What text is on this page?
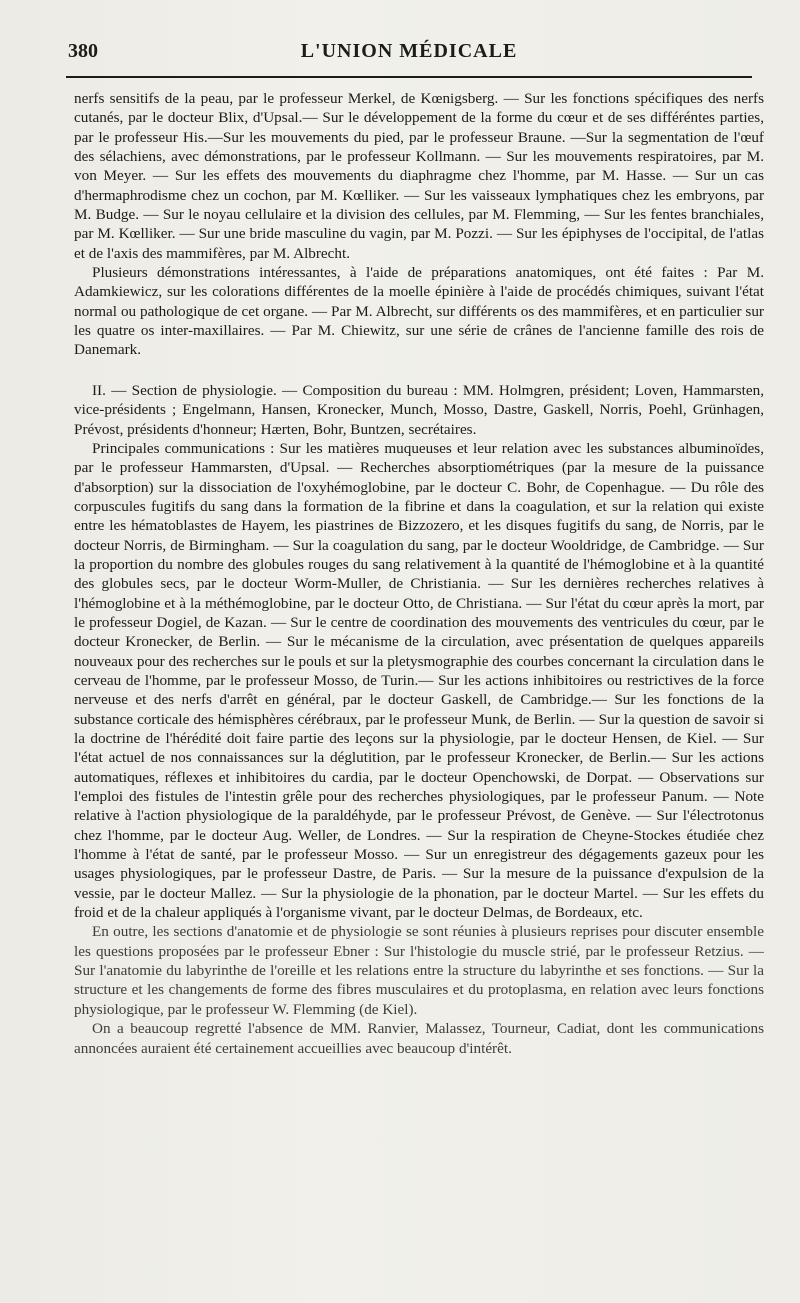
380	L'UNION MÉDICALE

nerfs sensitifs de la peau, par le professeur Merkel, de Kœnigsberg. — Sur les fonctions spécifiques des nerfs cutanés, par le docteur Blix, d'Upsal.— Sur le développement de la forme du cœur et de ses différéntes parties, par le professeur His.—Sur les mouvements du pied, par le professeur Braune. —Sur la segmentation de l'œuf des sélachiens, avec démonstrations, par le professeur Kollmann. — Sur les mouvements respiratoires, par M. von Meyer. — Sur les effets des mouvements du diaphragme chez l'homme, par M. Hasse. — Sur un cas d'hermaphrodisme chez un cochon, par M. Kœlliker. — Sur les vaisseaux lymphatiques chez les embryons, par M. Budge. — Sur le noyau cellulaire et la division des cellules, par M. Flemming, — Sur les fentes branchiales, par M. Kœlliker. — Sur une bride masculine du vagin, par M. Pozzi. — Sur les épiphyses de l'occipital, de l'atlas et de l'axis des mammifères, par M. Albrecht.

Plusieurs démonstrations intéressantes, à l'aide de préparations anatomiques, ont été faites : Par M. Adamkiewicz, sur les colorations différentes de la moelle épinière à l'aide de procédés chimiques, suivant l'état normal ou pathologique de cet organe. — Par M. Albrecht, sur différents os des mammifères, et en particulier sur les quatre os inter-maxillaires. — Par M. Chiewitz, sur une série de crânes de l'ancienne famille des rois de Danemark.

II. — Section de physiologie. — Composition du bureau : MM. Holmgren, président; Loven, Hammarsten, vice-présidents ; Engelmann, Hansen, Kronecker, Munch, Mosso, Dastre, Gaskell, Norris, Poehl, Grünhagen, Prévost, présidents d'honneur; Hærten, Bohr, Buntzen, secrétaires.

Principales communications : Sur les matières muqueuses et leur relation avec les substances albuminoïdes, par le professeur Hammarsten, d'Upsal. — Recherches absorptiométriques (par la mesure de la puissance d'absorption) sur la dissociation de l'oxyhémoglobine, par le docteur C. Bohr, de Copenhague. — Du rôle des corpuscules fugitifs du sang dans la formation de la fibrine et dans la coagulation, et sur la relation qui existe entre les hématoblastes de Hayem, les piastrines de Bizzozero, et les disques fugitifs du sang, de Norris, par le docteur Norris, de Birmingham. — Sur la coagulation du sang, par le docteur Wooldridge, de Cambridge. — Sur la proportion du nombre des globules rouges du sang relativement à la quantité de l'hémoglobine et à la quantité des globules secs, par le docteur Worm-Muller, de Christiania. — Sur les dernières recherches relatives à l'hémoglobine et à la méthémoglobine, par le docteur Otto, de Christiana. — Sur l'état du cœur après la mort, par le professeur Dogiel, de Kazan. — Sur le centre de coordination des mouvements des ventricules du cœur, par le docteur Kronecker, de Berlin. — Sur le mécanisme de la circulation, avec présentation de quelques appareils nouveaux pour des recherches sur le pouls et sur la pletysmographie des courbes concernant la circulation dans le cerveau de l'homme, par le professeur Mosso, de Turin.— Sur les actions inhibitoires ou restrictives de la force nerveuse et des nerfs d'arrêt en général, par le docteur Gaskell, de Cambridge.— Sur les fonctions de la substance corticale des hémisphères cérébraux, par le professeur Munk, de Berlin. — Sur la question de savoir si la doctrine de l'hérédité doit faire partie des leçons sur la physiologie, par le docteur Hensen, de Kiel. — Sur l'état actuel de nos connaissances sur la déglutition, par le professeur Kronecker, de Berlin.— Sur les actions automatiques, réflexes et inhibitoires du cardia, par le docteur Openchowski, de Dorpat. — Observations sur l'emploi des fistules de l'intestin grêle pour des recherches physiologiques, par le professeur Panum. — Note relative à l'action physiologique de la paraldéhyde, par le professeur Prévost, de Genève. — Sur l'électrotonus chez l'homme, par le docteur Aug. Weller, de Londres. — Sur la respiration de Cheyne-Stockes étudiée chez l'homme à l'état de santé, par le professeur Mosso. — Sur un enregistreur des dégagements gazeux pour les usages physiologiques, par le professeur Dastre, de Paris. — Sur la mesure de la puissance d'expulsion de la vessie, par le docteur Mallez. — Sur la physiologie de la phonation, par le docteur Martel. — Sur les effets du froid et de la chaleur appliqués à l'organisme vivant, par le docteur Delmas, de Bordeaux, etc.

En outre, les sections d'anatomie et de physiologie se sont réunies à plusieurs reprises pour discuter ensemble les questions proposées par le professeur Ebner : Sur l'histologie du muscle strié, par le professeur Retzius. — Sur l'anatomie du labyrinthe de l'oreille et les relations entre la structure du labyrinthe et ses fonctions. — Sur la structure et les changements de forme des fibres musculaires et du protoplasma, en relation avec leurs fonctions physiologique, par le professeur W. Flemming (de Kiel).

On a beaucoup regretté l'absence de MM. Ranvier, Malassez, Tourneur, Cadiat, dont les communications annoncées auraient été certainement accueillies avec beaucoup d'intérêt.
